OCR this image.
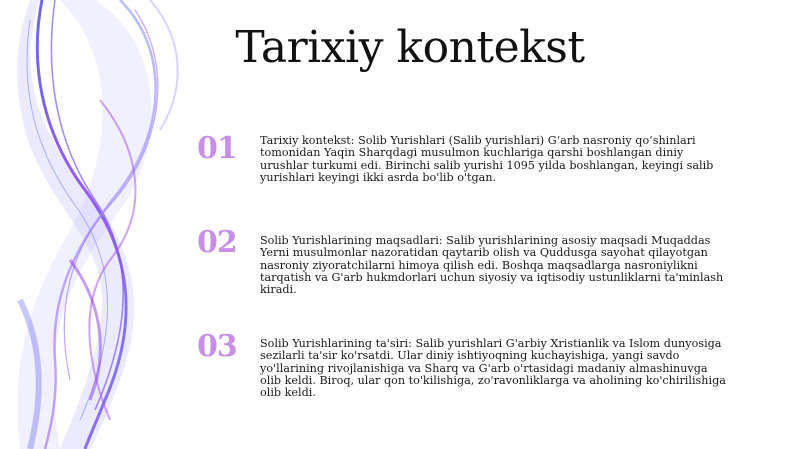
Tarixiy kontekst
01	Tarixiy kontekst: Solib Yurishlari (Salib yurishlari) G‘arb nasroniy qo‘shinlari tomonidan Yaqin Sharqdagi musulmon kuchlariga qarshi boshlangan diniy urushlar turkumi edi. Birinchi salib yurishi 1095 yilda boshlangan, keyingi salib yurishlari keyingi ikki asrda bo'lib o'tgan.
02	Solib Yurishlarining maqsadlari: Salib yurishlarining asosiy maqsadi Muqaddas Yerni musulmonlar nazoratidan qaytarib olish va Quddusga sayohat qilayotgan nasroniy ziyoratchilarni himoya qilish edi. Boshqa maqsadlarga nasroniylikni tarqatish va G'arb hukmdorlari uchun siyosiy va iqtisodiy ustunliklarni ta'minlash kiradi.
03	Solib Yurishlarining ta'siri: Salib yurishlari G'arbiy Xristianlik va Islom dunyosiga sezilarli ta'sir ko'rsatdi. Ular diniy ishtiyoqning kuchayishiga, yangi savdo yo'llarining rivojlanishiga va Sharq va G'arb o'rtasidagi madaniy almashinuvga olib keldi. Biroq, ular qon to'kilishiga, zo'ravonliklarga va aholining ko'chirilishiga olib keldi.
